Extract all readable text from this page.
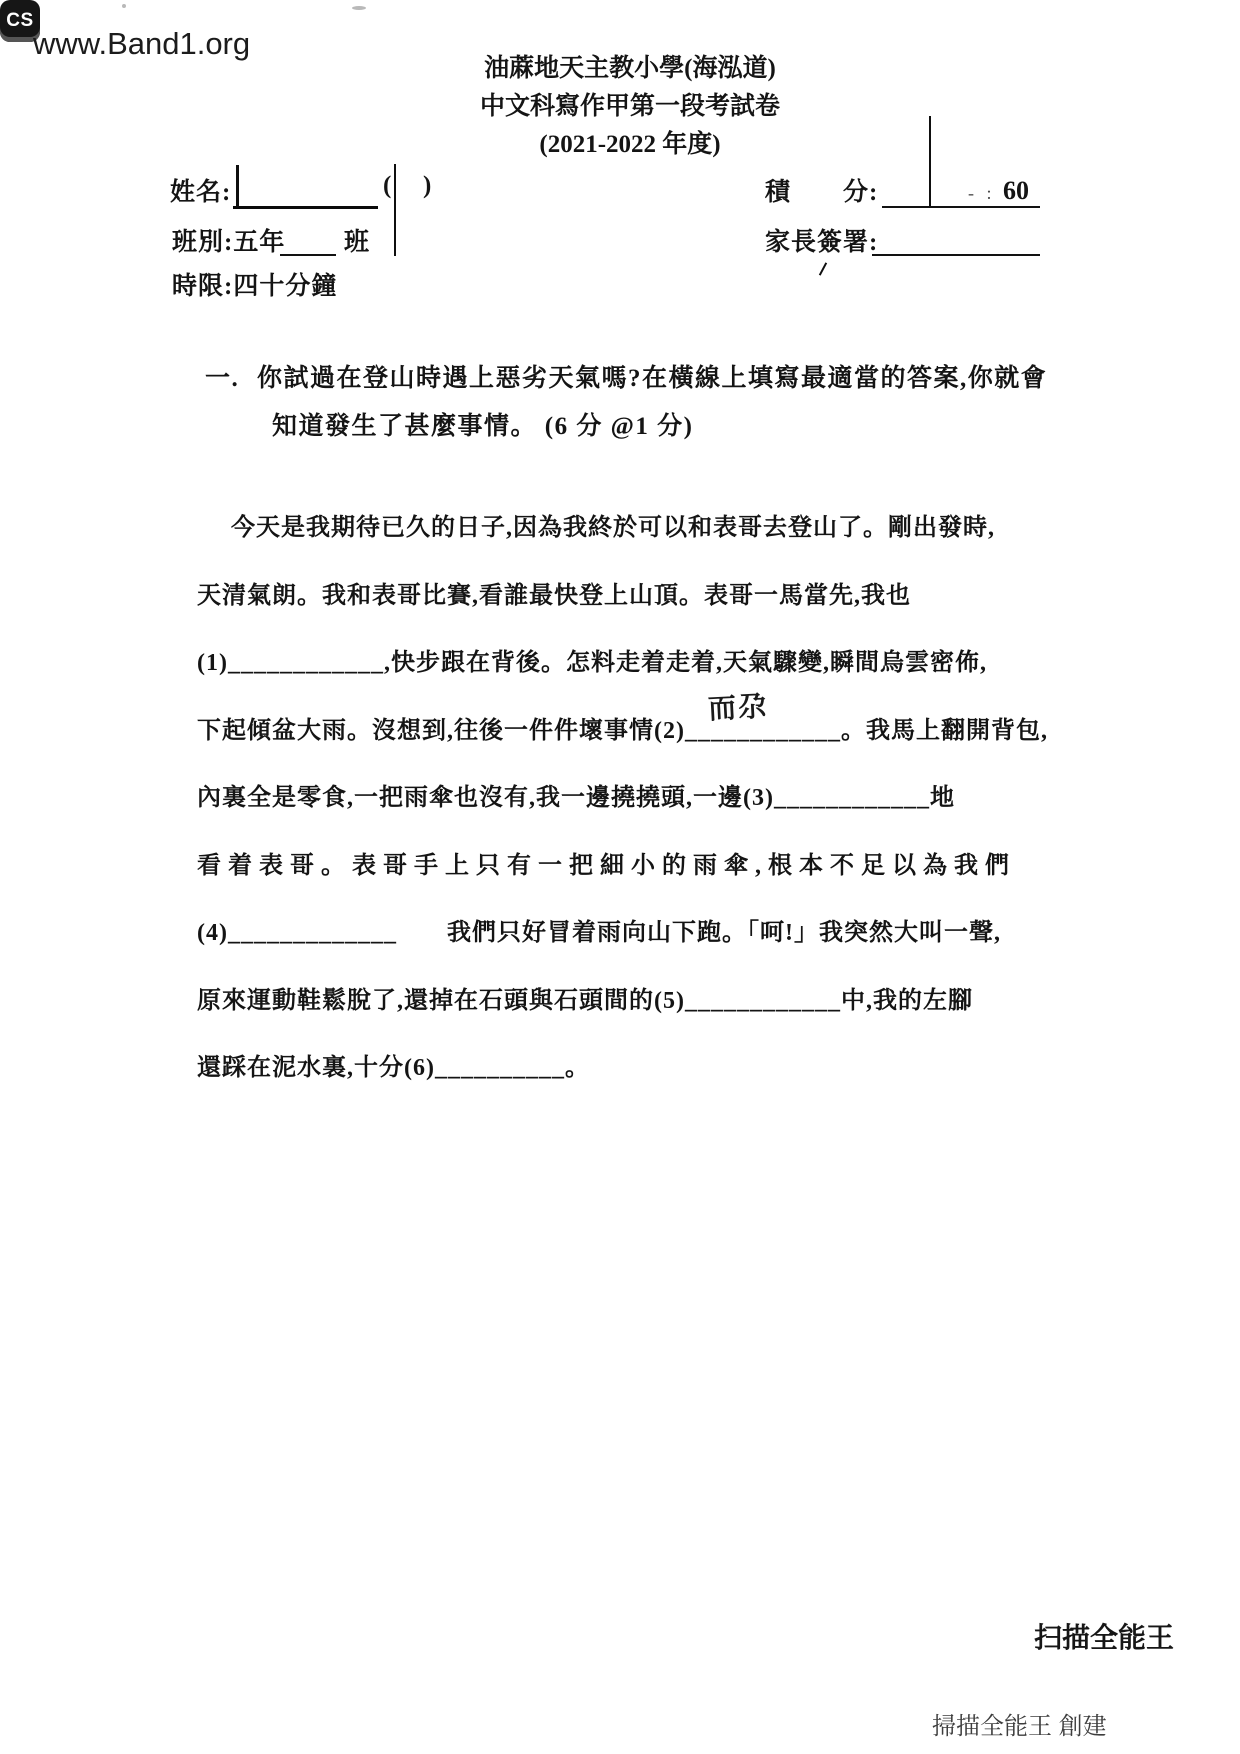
www.Band1.org
油蔴地天主教小學(海泓道)
中文科寫作甲第一段考試卷
(2021-2022 年度)
姓名:	( )	積　　分:	- : 60
班別:五年 班	家長簽署:
時限:四十分鐘
一. 你試過在登山時遇上惡劣天氣嗎?在橫線上填寫最適當的答案,你就會
知道發生了甚麼事情。 (6 分 @1 分)
今天是我期待已久的日子,因為我終於可以和表哥去登山了。剛出發時,
天清氣朗。我和表哥比賽,看誰最快登上山頂。表哥一馬當先,我也
(1)____________,快步跟在背後。怎料走着走着,天氣驟變,瞬間烏雲密佈,
下起傾盆大雨。沒想到,往後一件件壞事情(2)____________。我馬上翻開背包,
內裏全是零食,一把雨傘也沒有,我一邊撓撓頭,一邊(3)____________地
看着表哥。表哥手上只有一把細小的雨傘,根本不足以為我們
(4)_____________　　我們只好冒着雨向山下跑。「呵!」我突然大叫一聲,
原來運動鞋鬆脫了,還掉在石頭與石頭間的(5)____________中,我的左腳
還踩在泥水裏,十分(6)__________。
而尕
CS
扫描全能王
掃描全能王 創建
